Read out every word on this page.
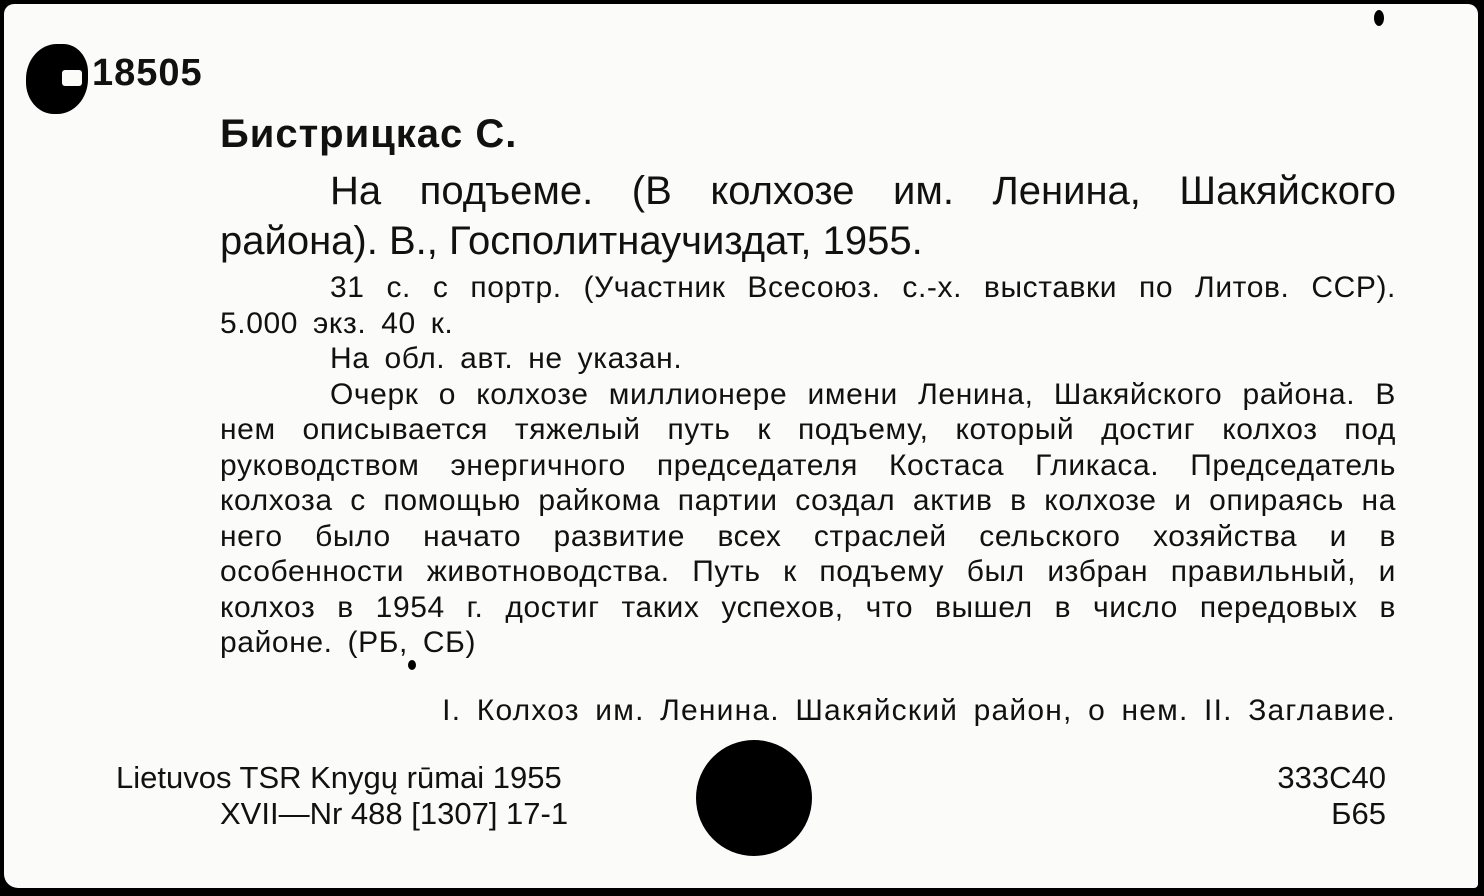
18505
Бистрицкас С.

На подъеме. (В колхозе им. Ленина, Шакяйского района). В., Госполитнаучиздат, 1955.

31 с. с портр. (Участник Всесоюз. с.-х. выставки по Литов. ССР). 5.000 экз. 40 к.

На обл. авт. не указан.

Очерк о колхозе миллионере имени Ленина, Шакяйского района. В нем описывается тяжелый путь к подъему, который достиг колхоз под руководством энергичного председателя Костаса Гликаса. Председатель колхоза с помощью райкома партии создал актив в колхозе и опираясь на него было начато развитие всех страслей сельского хозяйства и в особенности животноводства. Путь к подъему был избран правильный, и колхоз в 1954 г. достиг таких успехов, что вышел в число передовых в районе. (РБ, СБ)

I. Колхоз им. Ленина. Шакяйский район, о нем. II. Заглавие.
Lietuvos TSR Knygų rūmai 1955
XVII—Nr 488 [1307] 17-1
333C40
Б65
